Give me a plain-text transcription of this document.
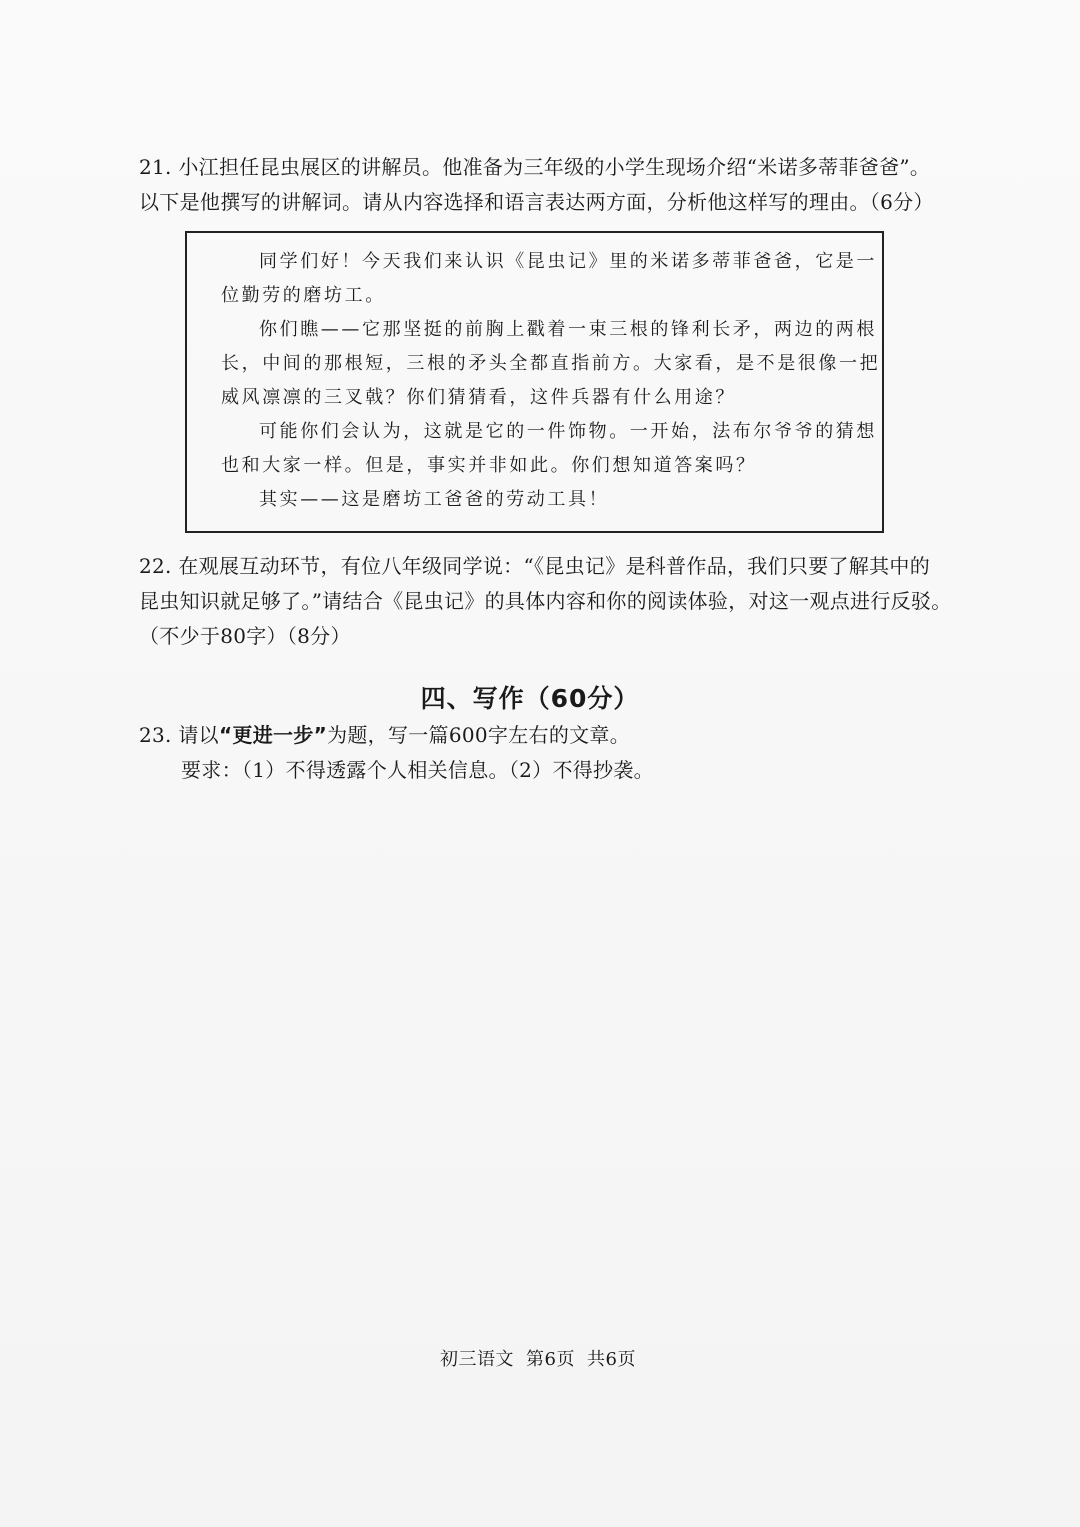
21. 小江担任昆虫展区的讲解员。他准备为三年级的小学生现场介绍“米诺多蒂菲爸爸”。
以下是他撰写的讲解词。请从内容选择和语言表达两方面，分析他这样写的理由。（6分）
同学们好！今天我们来认识《昆虫记》里的米诺多蒂菲爸爸，它是一
位勤劳的磨坊工。
你们瞧——它那坚挺的前胸上戳着一束三根的锋利长矛，两边的两根
长，中间的那根短，三根的矛头全都直指前方。大家看，是不是很像一把
威风凛凛的三叉戟？你们猜猜看，这件兵器有什么用途？
可能你们会认为，这就是它的一件饰物。一开始，法布尔爷爷的猜想
也和大家一样。但是，事实并非如此。你们想知道答案吗？
其实——这是磨坊工爸爸的劳动工具！
22. 在观展互动环节，有位八年级同学说：“《昆虫记》是科普作品，我们只要了解其中的
昆虫知识就足够了。”请结合《昆虫记》的具体内容和你的阅读体验，对这一观点进行反驳。
（不少于80字）（8分）
四、写作（60分）
23. 请以“更进一步”为题，写一篇600字左右的文章。
要求：（1）不得透露个人相关信息。（2）不得抄袭。
初三语文 第6页 共6页
